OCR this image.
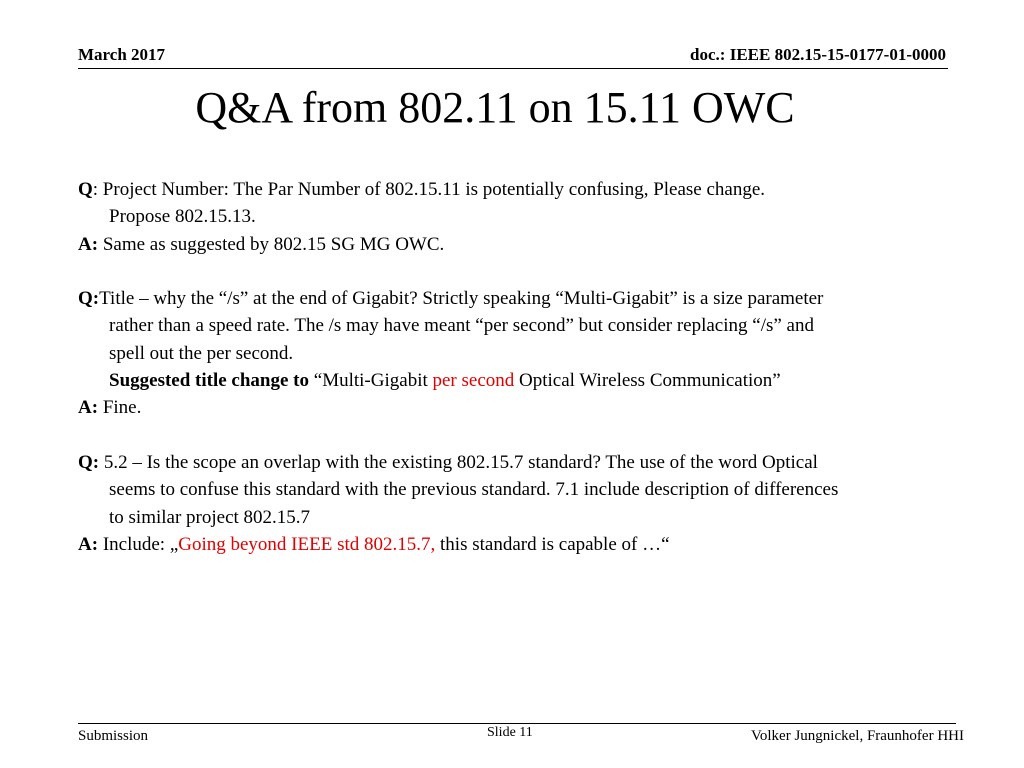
March 2017	doc.: IEEE 802.15-15-0177-01-0000
Q&A from 802.11 on 15.11 OWC
Q: Project Number: The Par Number of 802.15.11 is potentially confusing, Please change.
Propose 802.15.13.
A: Same as suggested by 802.15 SG MG OWC.
Q:Title – why the “/s” at the end of Gigabit? Strictly speaking “Multi-Gigabit” is a size parameter
rather than a speed rate. The /s may have meant “per second” but consider replacing “/s” and
spell out the per second.
Suggested title change to “Multi-Gigabit per second Optical Wireless Communication”
A: Fine.
Q: 5.2 – Is the scope an overlap with the existing 802.15.7 standard? The use of the word Optical
seems to confuse this standard with the previous standard. 7.1 include description of differences
to similar project 802.15.7
A: Include: „Going beyond IEEE std 802.15.7, this standard is capable of …“
Submission	Slide 11	Volker Jungnickel, Fraunhofer HHI
